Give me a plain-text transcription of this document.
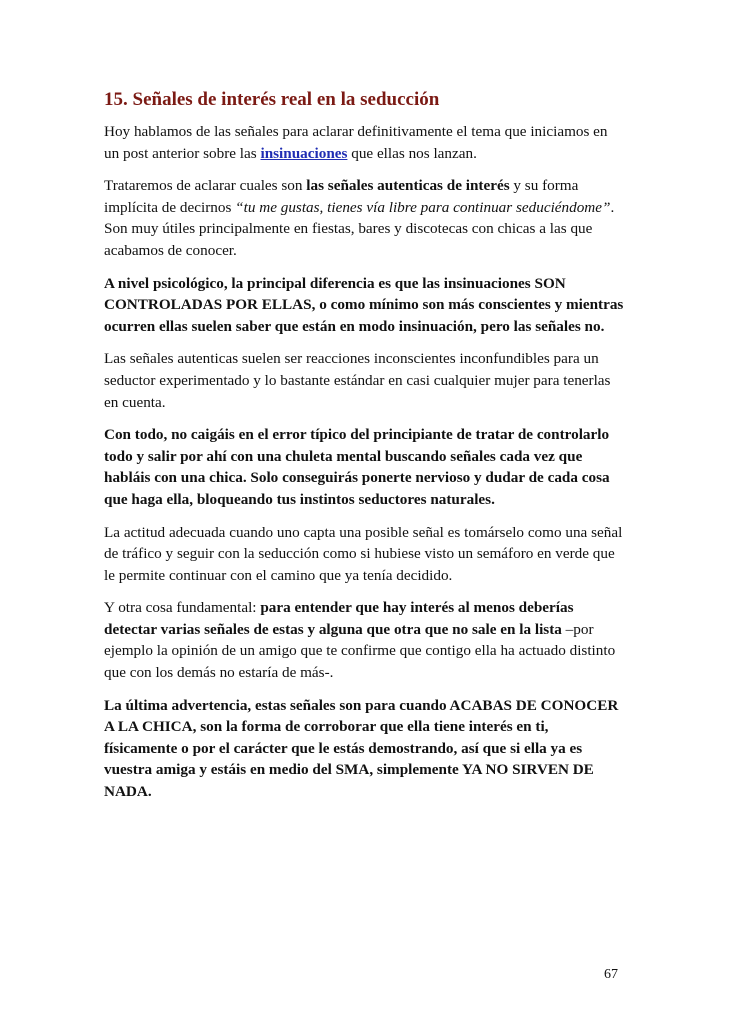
15. Señales de interés real en la seducción

Hoy hablamos de las señales para aclarar definitivamente el tema que iniciamos en un post anterior sobre las insinuaciones que ellas nos lanzan.

Trataremos de aclarar cuales son las señales autenticas de interés y su forma implícita de decirnos “tu me gustas, tienes vía libre para continuar seduciéndome”. Son muy útiles principalmente en fiestas, bares y discotecas con chicas a las que acabamos de conocer.

A nivel psicológico, la principal diferencia es que las insinuaciones SON CONTROLADAS POR ELLAS, o como mínimo son más conscientes y mientras ocurren ellas suelen saber que están en modo insinuación, pero las señales no.

Las señales autenticas suelen ser reacciones inconscientes inconfundibles para un seductor experimentado y lo bastante estándar en casi cualquier mujer para tenerlas en cuenta.

Con todo, no caigáis en el error típico del principiante de tratar de controlarlo todo y salir por ahí con una chuleta mental buscando señales cada vez que habláis con una chica. Solo conseguirás ponerte nervioso y dudar de cada cosa que haga ella, bloqueando tus instintos seductores naturales.

La actitud adecuada cuando uno capta una posible señal es tomárselo como una señal de tráfico y seguir con la seducción como si hubiese visto un semáforo en verde que le permite continuar con el camino que ya tenía decidido.

Y otra cosa fundamental: para entender que hay interés al menos deberías detectar varias señales de estas y alguna que otra que no sale en la lista –por ejemplo la opinión de un amigo que te confirme que contigo ella ha actuado distinto que con los demás no estaría de más-.

La última advertencia, estas señales son para cuando ACABAS DE CONOCER A LA CHICA, son la forma de corroborar que ella tiene interés en ti, físicamente o por el carácter que le estás demostrando, así que si ella ya es vuestra amiga y estáis en medio del SMA, simplemente YA NO SIRVEN DE NADA.

67
